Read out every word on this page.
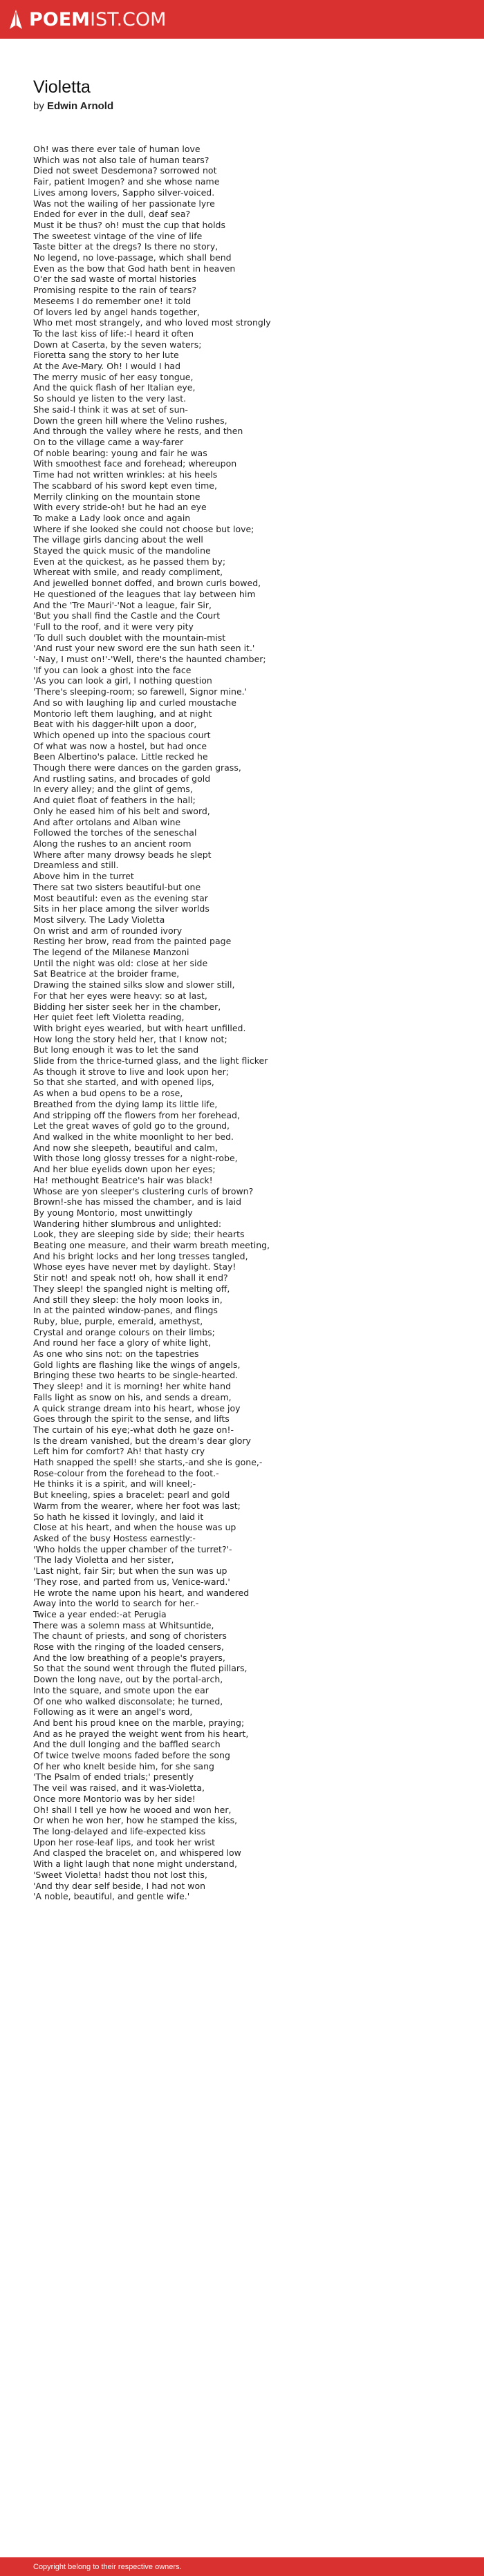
POEMIST.COM
Violetta
by Edwin Arnold
Oh! was there ever tale of human love
Which was not also tale of human tears?
Died not sweet Desdemona? sorrowed not
Fair, patient Imogen? and she whose name
Lives among lovers, Sappho silver-voiced.
Was not the wailing of her passionate lyre
Ended for ever in the dull, deaf sea?
Must it be thus? oh! must the cup that holds
The sweetest vintage of the vine of life
Taste bitter at the dregs? Is there no story,
No legend, no love-passage, which shall bend
Even as the bow that God hath bent in heaven
O'er the sad waste of mortal histories
Promising respite to the rain of tears?
Meseems I do remember one! it told
Of lovers led by angel hands together,
Who met most strangely, and who loved most strongly
To the last kiss of life:-I heard it often
Down at Caserta, by the seven waters;
Fioretta sang the story to her lute
At the Ave-Mary. Oh! I would I had
The merry music of her easy tongue,
And the quick flash of her Italian eye,
So should ye listen to the very last.
She said-I think it was at set of sun-
Down the green hill where the Velino rushes,
And through the valley where he rests, and then
On to the village came a way-farer
Of noble bearing: young and fair he was
With smoothest face and forehead; whereupon
Time had not written wrinkles: at his heels
The scabbard of his sword kept even time,
Merrily clinking on the mountain stone
With every stride-oh! but he had an eye
To make a Lady look once and again
Where if she looked she could not choose but love;
The village girls dancing about the well
Stayed the quick music of the mandoline
Even at the quickest, as he passed them by;
Whereat with smile, and ready compliment,
And jewelled bonnet doffed, and brown curls bowed,
He questioned of the leagues that lay between him
And the 'Tre Mauri'-'Not a league, fair Sir,
'But you shall find the Castle and the Court
'Full to the roof, and it were very pity
'To dull such doublet with the mountain-mist
'And rust your new sword ere the sun hath seen it.'
'-Nay, I must on!'-'Well, there's the haunted chamber;
'If you can look a ghost into the face
'As you can look a girl, I nothing question
'There's sleeping-room; so farewell, Signor mine.'
And so with laughing lip and curled moustache
Montorio left them laughing, and at night
Beat with his dagger-hilt upon a door,
Which opened up into the spacious court
Of what was now a hostel, but had once
Been Albertino's palace. Little recked he
Though there were dances on the garden grass,
And rustling satins, and brocades of gold
In every alley; and the glint of gems,
And quiet float of feathers in the hall;
Only he eased him of his belt and sword,
And after ortolans and Alban wine
Followed the torches of the seneschal
Along the rushes to an ancient room
Where after many drowsy beads he slept
Dreamless and still.
Above him in the turret
There sat two sisters beautiful-but one
Most beautiful: even as the evening star
Sits in her place among the silver worlds
Most silvery. The Lady Violetta
On wrist and arm of rounded ivory
Resting her brow, read from the painted page
The legend of the Milanese Manzoni
Until the night was old: close at her side
Sat Beatrice at the broider frame,
Drawing the stained silks slow and slower still,
For that her eyes were heavy: so at last,
Bidding her sister seek her in the chamber,
Her quiet feet left Violetta reading,
With bright eyes wearied, but with heart unfilled.
How long the story held her, that I know not;
But long enough it was to let the sand
Slide from the thrice-turned glass, and the light flicker
As though it strove to live and look upon her;
So that she started, and with opened lips,
As when a bud opens to be a rose,
Breathed from the dying lamp its little life,
And stripping off the flowers from her forehead,
Let the great waves of gold go to the ground,
And walked in the white moonlight to her bed.
And now she sleepeth, beautiful and calm,
With those long glossy tresses for a night-robe,
And her blue eyelids down upon her eyes;
Ha! methought Beatrice's hair was black!
Whose are yon sleeper's clustering curls of brown?
Brown!-she has missed the chamber, and is laid
By young Montorio, most unwittingly
Wandering hither slumbrous and unlighted:
Look, they are sleeping side by side; their hearts
Beating one measure, and their warm breath meeting,
And his bright locks and her long tresses tangled,
Whose eyes have never met by daylight. Stay!
Stir not! and speak not! oh, how shall it end?
They sleep! the spangled night is melting off,
And still they sleep: the holy moon looks in,
In at the painted window-panes, and flings
Ruby, blue, purple, emerald, amethyst,
Crystal and orange colours on their limbs;
And round her face a glory of white light,
As one who sins not: on the tapestries
Gold lights are flashing like the wings of angels,
Bringing these two hearts to be single-hearted.
They sleep! and it is morning! her white hand
Falls light as snow on his, and sends a dream,
A quick strange dream into his heart, whose joy
Goes through the spirit to the sense, and lifts
The curtain of his eye;-what doth he gaze on!-
Is the dream vanished, but the dream's dear glory
Left him for comfort? Ah! that hasty cry
Hath snapped the spell! she starts,-and she is gone,-
Rose-colour from the forehead to the foot.-
He thinks it is a spirit, and will kneel;-
But kneeling, spies a bracelet: pearl and gold
Warm from the wearer, where her foot was last;
So hath he kissed it lovingly, and laid it
Close at his heart, and when the house was up
Asked of the busy Hostess earnestly:-
'Who holds the upper chamber of the turret?'-
'The lady Violetta and her sister,
'Last night, fair Sir; but when the sun was up
'They rose, and parted from us, Venice-ward.'
He wrote the name upon his heart, and wandered
Away into the world to search for her.-
Twice a year ended:-at Perugia
There was a solemn mass at Whitsuntide,
The chaunt of priests, and song of choristers
Rose with the ringing of the loaded censers,
And the low breathing of a people's prayers,
So that the sound went through the fluted pillars,
Down the long nave, out by the portal-arch,
Into the square, and smote upon the ear
Of one who walked disconsolate; he turned,
Following as it were an angel's word,
And bent his proud knee on the marble, praying;
And as he prayed the weight went from his heart,
And the dull longing and the baffled search
Of twice twelve moons faded before the song
Of her who knelt beside him, for she sang
'The Psalm of ended trials;' presently
The veil was raised, and it was-Violetta,
Once more Montorio was by her side!
Oh! shall I tell ye how he wooed and won her,
Or when he won her, how he stamped the kiss,
The long-delayed and life-expected kiss
Upon her rose-leaf lips, and took her wrist
And clasped the bracelet on, and whispered low
With a light laugh that none might understand,
'Sweet Violetta! hadst thou not lost this,
'And thy dear self beside, I had not won
'A noble, beautiful, and gentle wife.'
Copyright belong to their respective owners.
